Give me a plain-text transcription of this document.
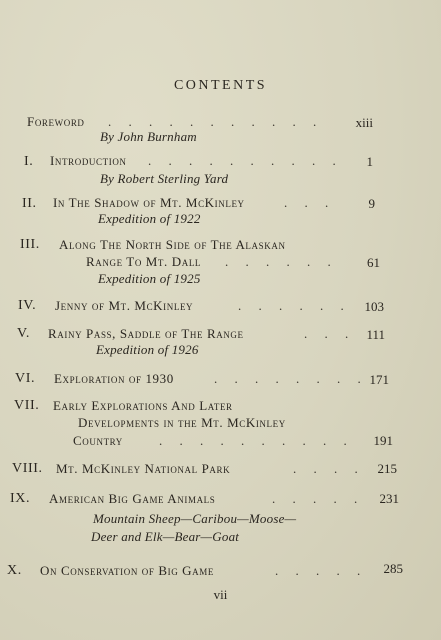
CONTENTS
Foreword . . . . . . . . . . . xiii
By John Burnham
I. Introduction . . . . . . . . . . 1
By Robert Sterling Yard
II. In The Shadow of Mt. McKinley	. . .	9
Expedition of 1922
III. Along The North Side of The Alaskan
Range To Mt. Dall . . . . . . 61
Expedition of 1925
IV. Jenny of Mt. McKinley	. . . . . . 103
V. Rainy Pass, Saddle of The Range	. . . 111
Expedition of 1926
VI. Exploration of 1930	. . . . . . . . 171
VII. Early Explorations And Later
Developments in the Mt. McKinley
Country	. . . . . . . . . . 191
VIII. Mt. McKinley National Park	. . . . 215
IX. American Big Game Animals	. . . . . 231
Mountain Sheep—Caribou—Moose—
Deer and Elk—Bear—Goat
X. On Conservation of Big Game	. . . . . 285
vii
